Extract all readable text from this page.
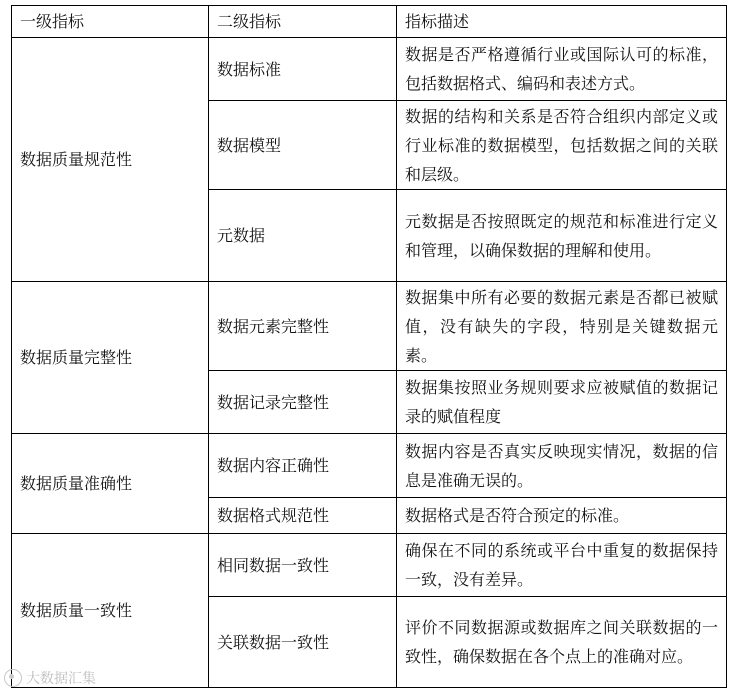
一级指标	二级指标	指标描述
数据质量规范性	数据标准	数据是否严格遵循行业或国际认可的标准，包括数据格式、编码和表述方式。
	数据模型	数据的结构和关系是否符合组织内部定义或行业标准的数据模型，包括数据之间的关联和层级。
	元数据	元数据是否按照既定的规范和标准进行定义和管理，以确保数据的理解和使用。
数据质量完整性	数据元素完整性	数据集中所有必要的数据元素是否都已被赋值，没有缺失的字段，特别是关键数据元素。
	数据记录完整性	数据集按照业务规则要求应被赋值的数据记录的赋值程度
数据质量准确性	数据内容正确性	数据内容是否真实反映现实情况，数据的信息是准确无误的。
	数据格式规范性	数据格式是否符合预定的标准。
数据质量一致性	相同数据一致性	确保在不同的系统或平台中重复的数据保持一致，没有差异。
	关联数据一致性	评价不同数据源或数据库之间关联数据的一致性，确保数据在各个点上的准确对应。
大数据汇集
